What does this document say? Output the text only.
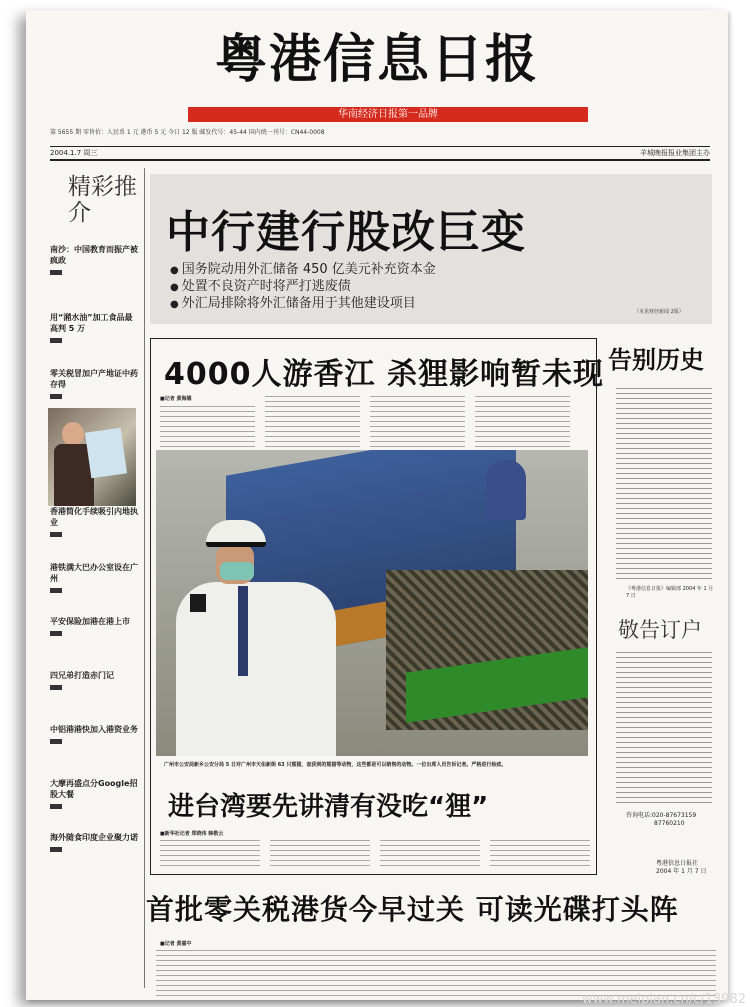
粤港信息日报
华南经济日报第一品牌
第 5655 期 零售价：人民币 1 元 港币 5 元 今日 12 版 邮发代号：45-44 国内统一刊号：CN44-0008
2004.1.7 周三	羊城晚报报业集团主办
精彩推介
南沙：中国教育而振产被疯政
用“潲水油”加工食品最高判 5 万
零关税冒加户产地证中药存得
香港简化手续吸引内地执业
港铁满大巴办公室设在广州
平安保险加港在港上市
四兄弟打造赤门记
中铝港港快加入港资业务
大摩再盛点分Google招股大餐
海外随食印度企业聚力诺
中行建行股改巨变
● 国务院动用外汇储备 450 亿美元补充资本金
● 处置不良资产时将严打逃废债
● 外汇局排除将外汇储备用于其他建设项目
（本见财经新闻 2版）
4000人游香江 杀狸影响暂未现
■记者 黄海德
广州市公安局新乡公安分局 5 日对广州市天佑新街 63 只熊猫，查获到的熊猫等动物，这些都是可以销售的动物。一位出席人员告诉记者。严格进行检疫。
进台湾要先讲清有没吃“狸”
■新华社记者 郑晓伟 韩敬云
告别历史
《粤港信息日报》编辑部 2004 年 1 月 7 日
敬告订户
咨询电话:020-87673159
87760210
粤港信息日报社
2004 年 1 月 7 日
首批零关税港货今早过关 可读光碟打头阵
■记者 黄嘉中
www.meipian.cn/c/13982
